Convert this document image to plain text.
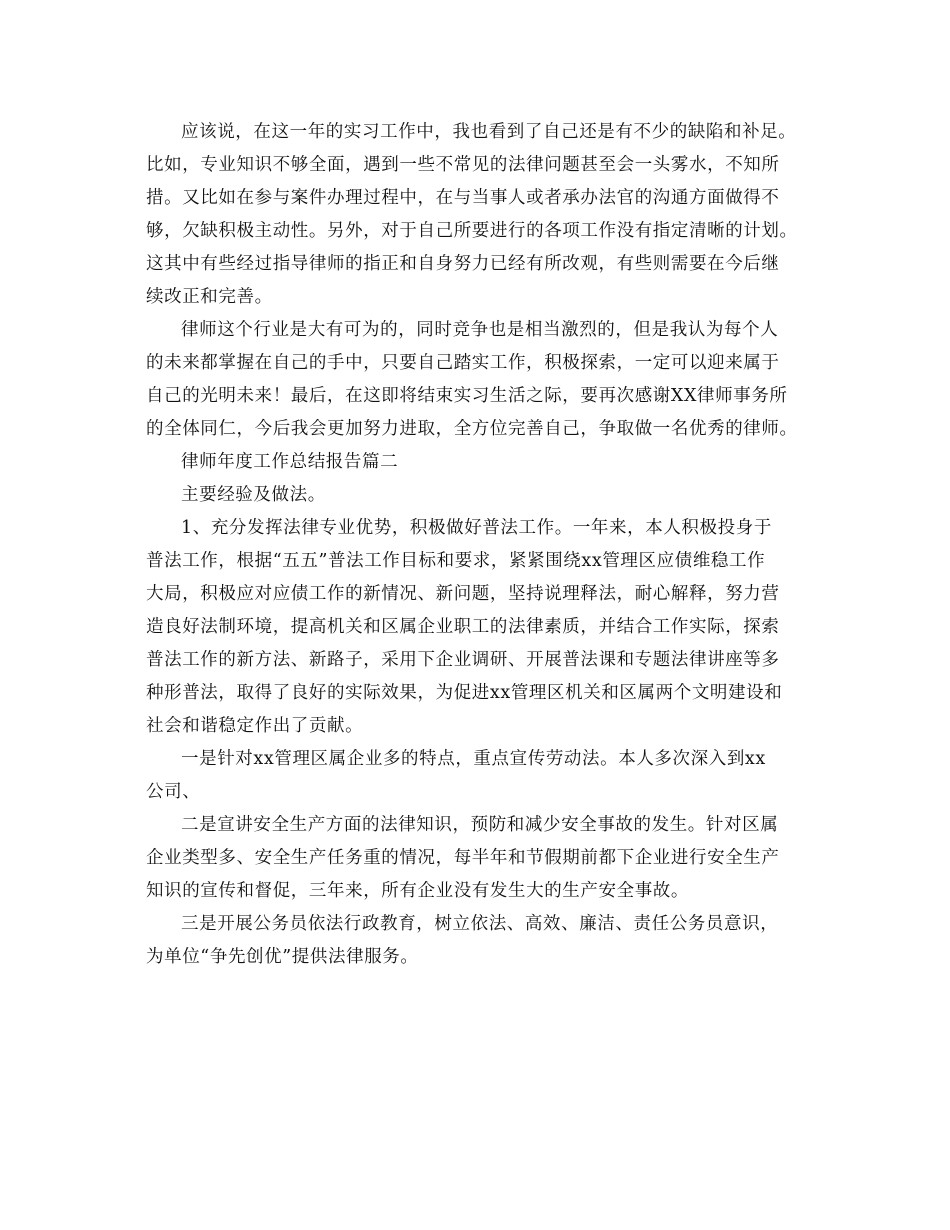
应该说，在这一年的实习工作中，我也看到了自己还是有不少的缺陷和补足。
比如，专业知识不够全面，遇到一些不常见的法律问题甚至会一头雾水，不知所
措。又比如在参与案件办理过程中，在与当事人或者承办法官的沟通方面做得不
够，欠缺积极主动性。另外，对于自己所要进行的各项工作没有指定清晰的计划。
这其中有些经过指导律师的指正和自身努力已经有所改观，有些则需要在今后继
续改正和完善。
律师这个行业是大有可为的，同时竞争也是相当激烈的，但是我认为每个人
的未来都掌握在自己的手中，只要自己踏实工作，积极探索，一定可以迎来属于
自己的光明未来！最后，在这即将结束实习生活之际，要再次感谢XX律师事务所
的全体同仁，今后我会更加努力进取，全方位完善自己，争取做一名优秀的律师。
律师年度工作总结报告篇二
主要经验及做法。
1、充分发挥法律专业优势，积极做好普法工作。一年来，本人积极投身于
普法工作，根据“五五”普法工作目标和要求，紧紧围绕xx管理区应债维稳工作
大局，积极应对应债工作的新情况、新问题，坚持说理释法，耐心解释，努力营
造良好法制环境，提高机关和区属企业职工的法律素质，并结合工作实际，探索
普法工作的新方法、新路子，采用下企业调研、开展普法课和专题法律讲座等多
种形普法，取得了良好的实际效果，为促进xx管理区机关和区属两个文明建设和
社会和谐稳定作出了贡献。
一是针对xx管理区属企业多的特点，重点宣传劳动法。本人多次深入到xx
公司、
二是宣讲安全生产方面的法律知识，预防和减少安全事故的发生。针对区属
企业类型多、安全生产任务重的情况，每半年和节假期前都下企业进行安全生产
知识的宣传和督促，三年来，所有企业没有发生大的生产安全事故。
三是开展公务员依法行政教育，树立依法、高效、廉洁、责任公务员意识，
为单位“争先创优”提供法律服务。
